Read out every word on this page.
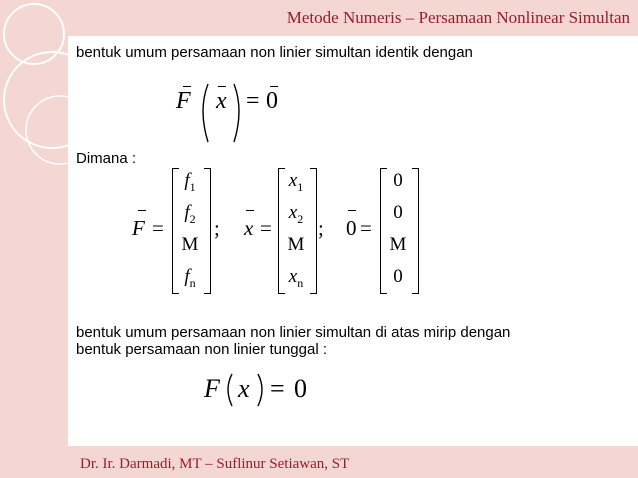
Metode Numeris – Persamaan Nonlinear Simultan
Dr. Ir. Darmadi, MT – Suflinur Setiawan, ST
bentuk umum persamaan non linier simultan identik dengan
F x = 0
Dimana :
F =
$f_1$
$f_2$
M
$f_n$
; x =
$x_1$
$x_2$
M
$x_n$
; 0 =
0
0
M
0
bentuk umum persamaan non linier simultan di atas mirip dengan
bentuk persamaan non linier tunggal :
F x = 0
